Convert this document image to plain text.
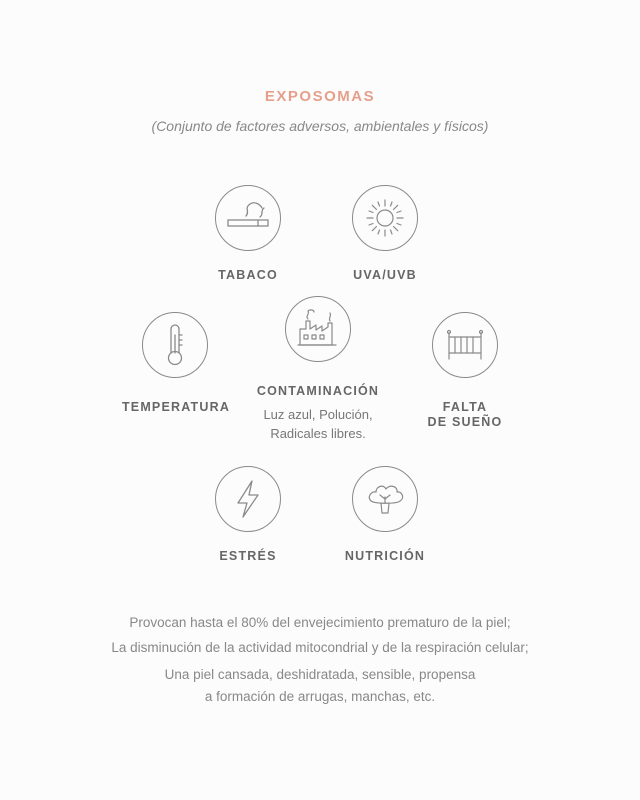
EXPOSOMAS
(Conjunto de factores adversos, ambientales y físicos)
TABACO	UVA/UVB
TEMPERATURA
CONTAMINACIÓN
Luz azul, Polución,
Radicales libres.
FALTA
DE SUEÑO
ESTRÉS	NUTRICIÓN
Provocan hasta el 80% del envejecimiento prematuro de la piel;
La disminución de la actividad mitocondrial y de la respiración celular;
Una piel cansada, deshidratada, sensible, propensa
a formación de arrugas, manchas, etc.
